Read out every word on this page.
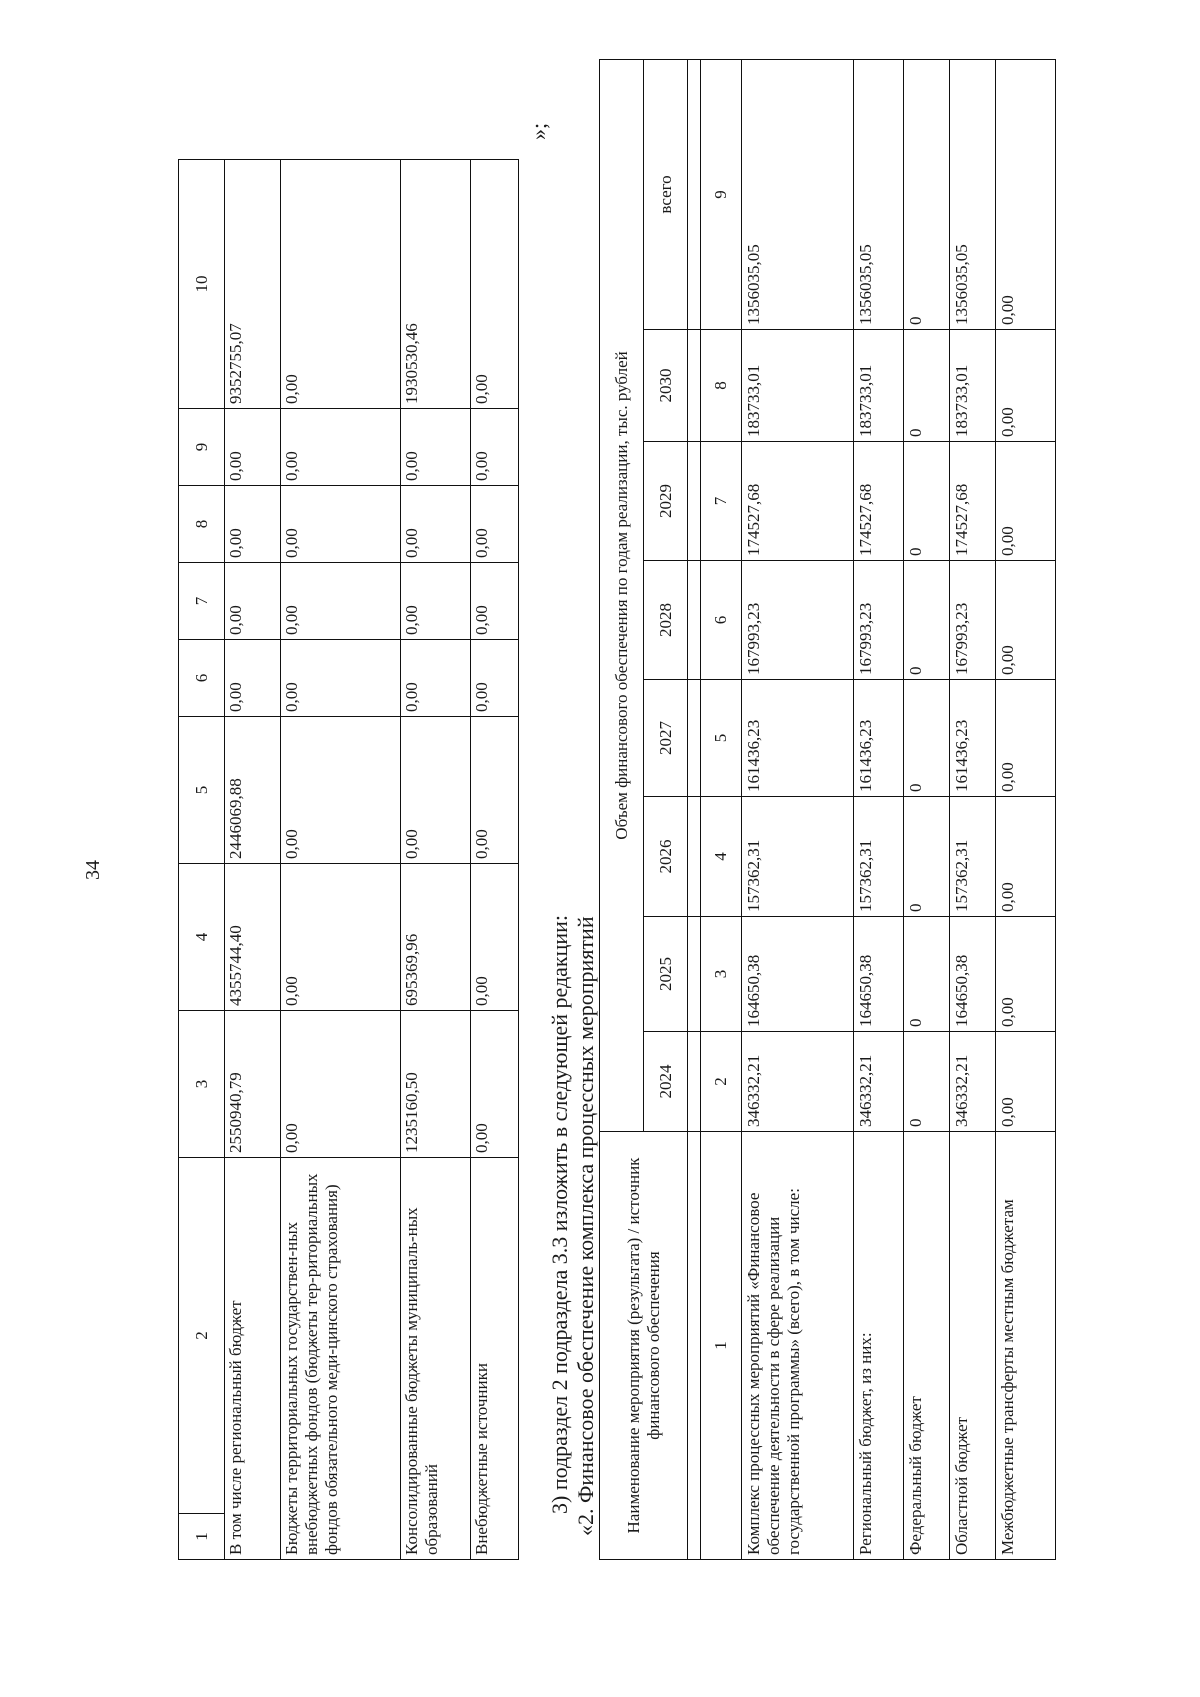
34
1	2	3	4	5	6	7	8	9	10
В том числе региональный бюджет		2550940,79	4355744,40	2446069,88	0,00	0,00	0,00	0,00	9352755,07
Бюджеты территориальных государствен-ных внебюджетных фондов (бюджеты тер-риториальных фондов обязательного меди-цинского страхования)		0,00	0,00	0,00	0,00	0,00	0,00	0,00	0,00
Консолидированные бюджеты муниципаль-ных образований		1235160,50	695369,96	0,00	0,00	0,00	0,00	0,00	1930530,46
Внебюджетные источники		0,00	0,00	0,00	0,00	0,00	0,00	0,00	0,00
»;
3) подраздел 2 подраздела 3.3 изложить в следующей редакции: «2. Финансовое обеспечение комплекса процессных мероприятий Наименование мероприятия (результата) / источник финансового обеспечения	Объем финансового обеспечения по годам реализации, тыс. рублей							
	2024	2025	2026	2027	2028	2029	2030	всего

1	2	3	4	5	6	7	8	9
Комплекс процессных мероприятий «Финансовое обеспечение деятельности в сфере реализации государственной программы» (всего), в том числе:	346332,21	164650,38	157362,31	161436,23	167993,23	174527,68	183733,01	1356035,05
Региональный бюджет, из них:	346332,21	164650,38	157362,31	161436,23	167993,23	174527,68	183733,01	1356035,05
Федеральный бюджет	0	0	0	0	0	0	0	0
Областной бюджет	346332,21	164650,38	157362,31	161436,23	167993,23	174527,68	183733,01	1356035,05
Межбюджетные трансферты местным бюджетам	0,00	0,00	0,00	0,00	0,00	0,00	0,00	0,00
